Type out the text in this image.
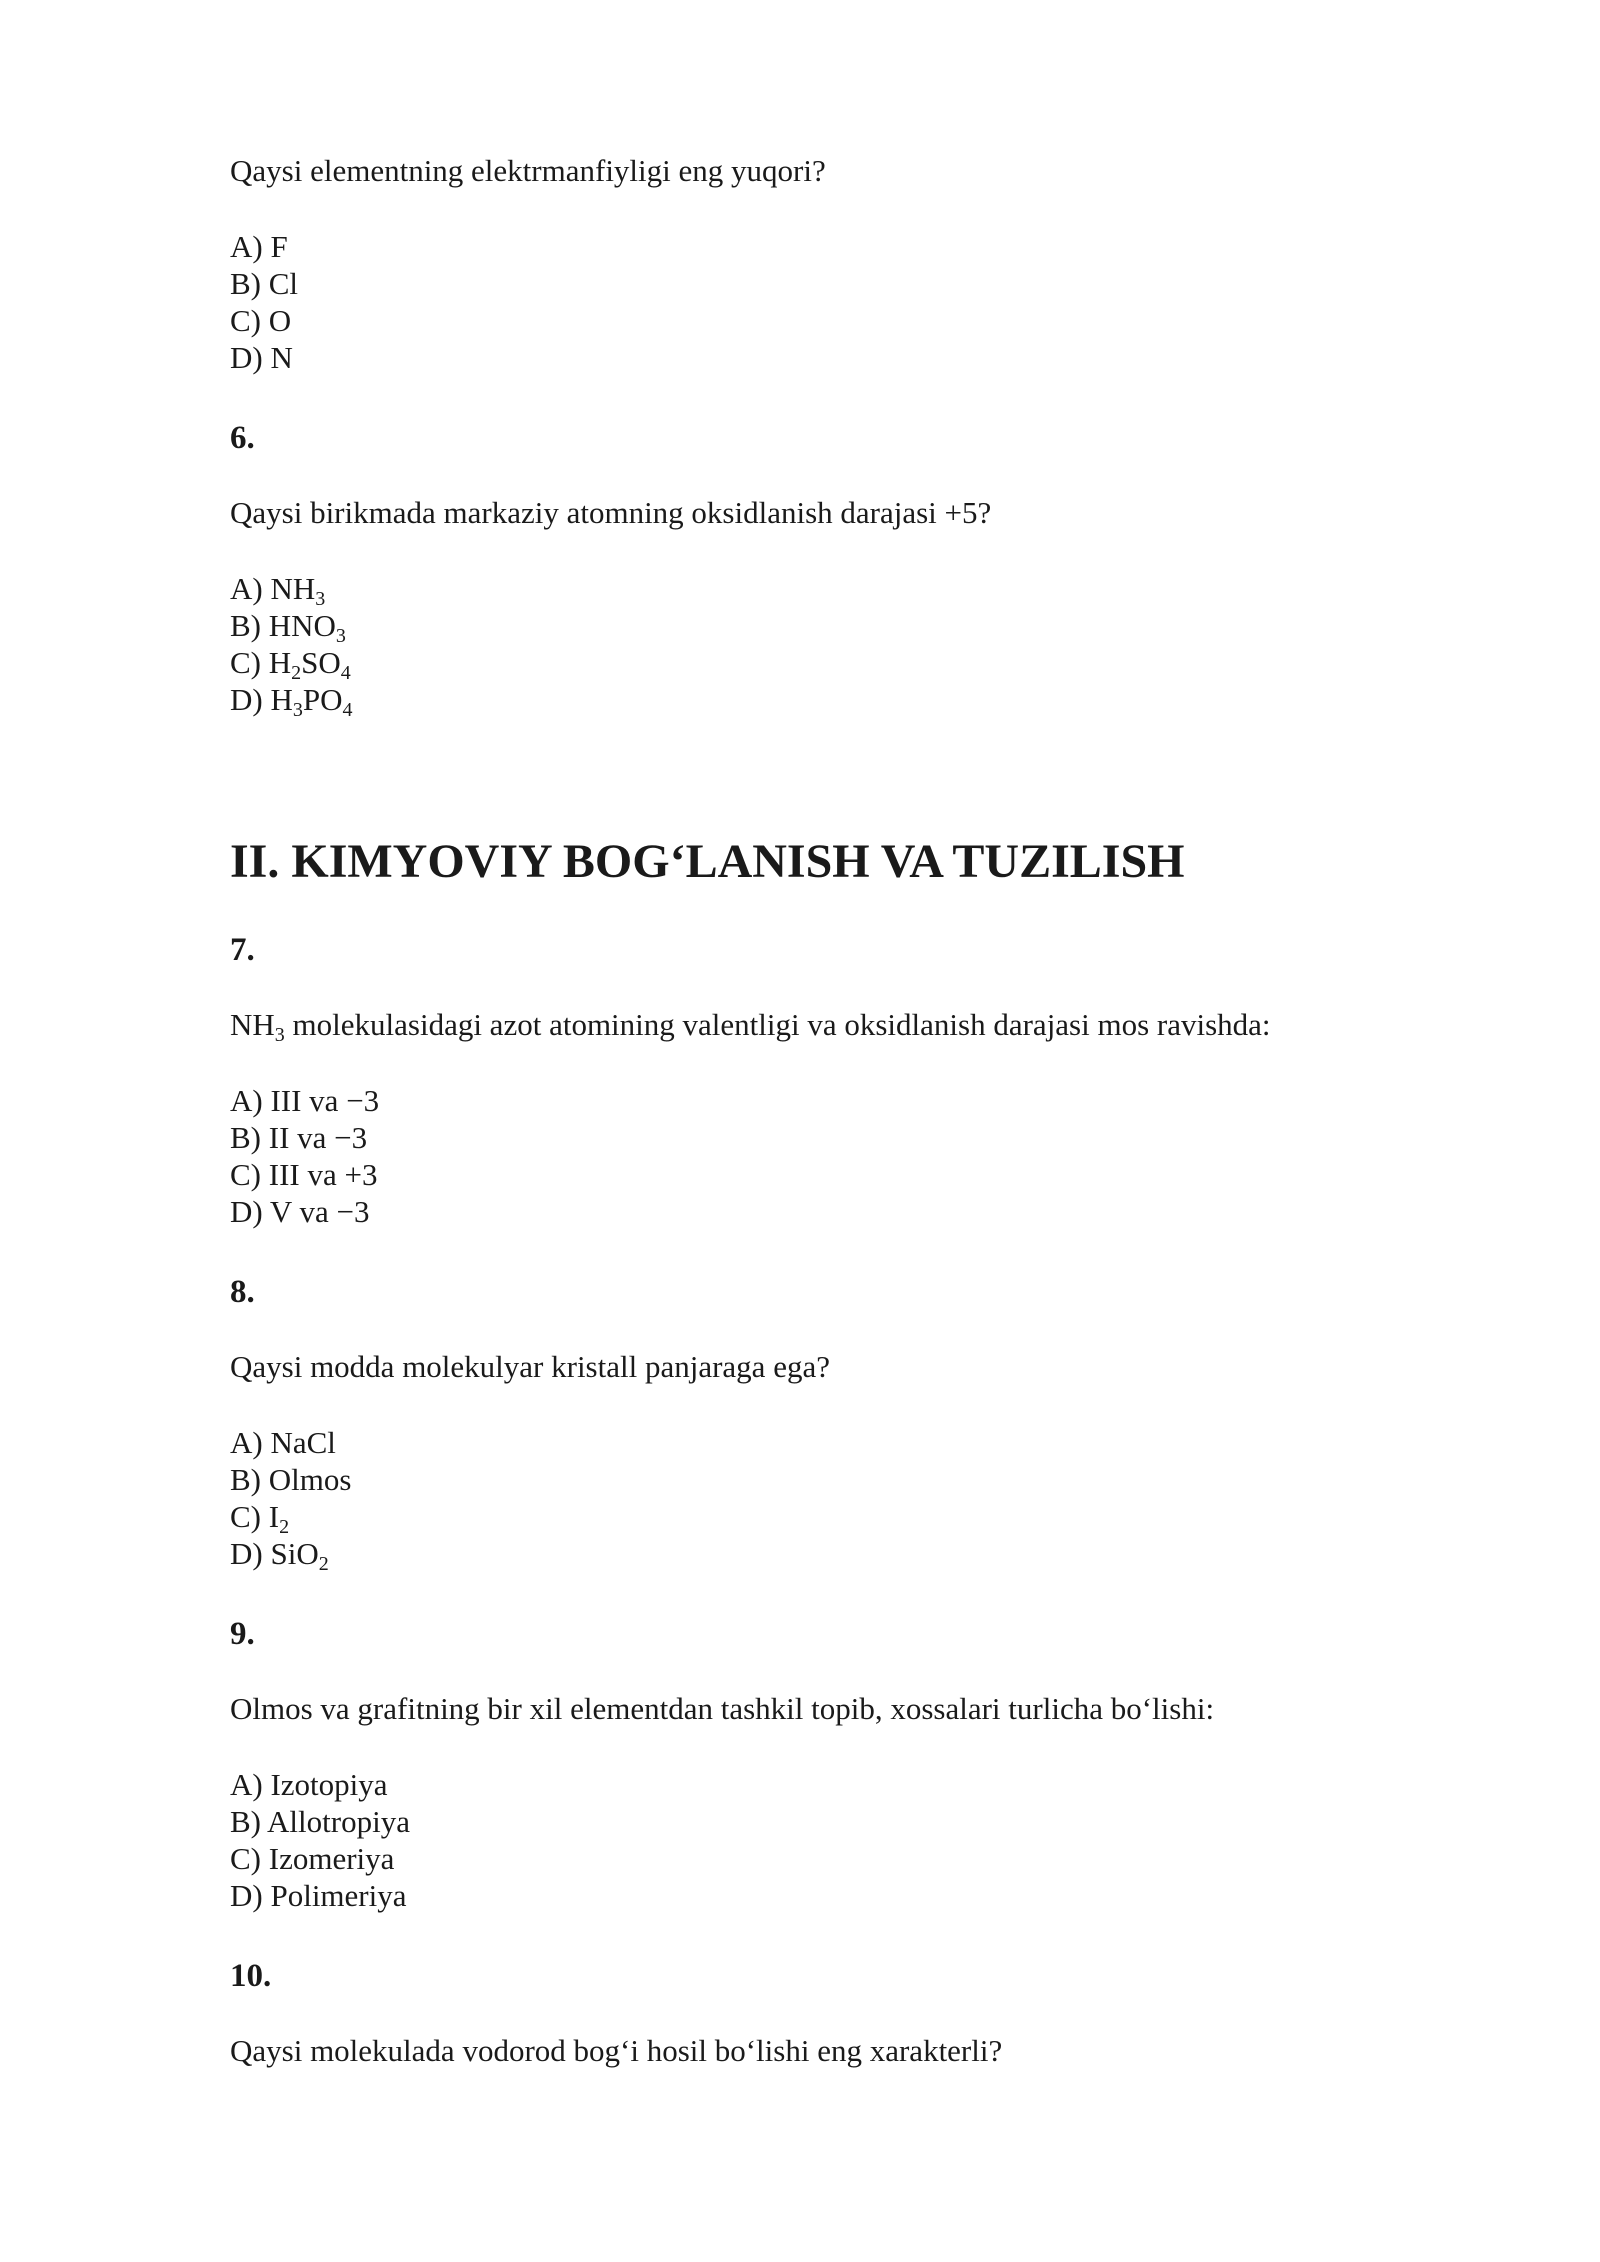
Qaysi elementning elektrmanfiyligi eng yuqori?
A) F
B) Cl
C) O
D) N
6.
Qaysi birikmada markaziy atomning oksidlanish darajasi +5?
A) $NH_3$
B) $HNO_3$
C) $H_2SO_4$
D) $H_3PO_4$
II. KIMYOVIY BOG‘LANISH VA TUZILISH
7.
$NH_3$ molekulasidagi azot atomining valentligi va oksidlanish darajasi mos ravishda:
A) III va −3
B) II va −3
C) III va +3
D) V va −3
8.
Qaysi modda molekulyar kristall panjaraga ega?
A) NaCl
B) Olmos
C) $I_2$
D) SiO$_2$
9.
Olmos va grafitning bir xil elementdan tashkil topib, xossalari turlicha bo‘lishi:
A) Izotopiya
B) Allotropiya
C) Izomeriya
D) Polimeriya
10.
Qaysi molekulada vodorod bog‘i hosil bo‘lishi eng xarakterli?
